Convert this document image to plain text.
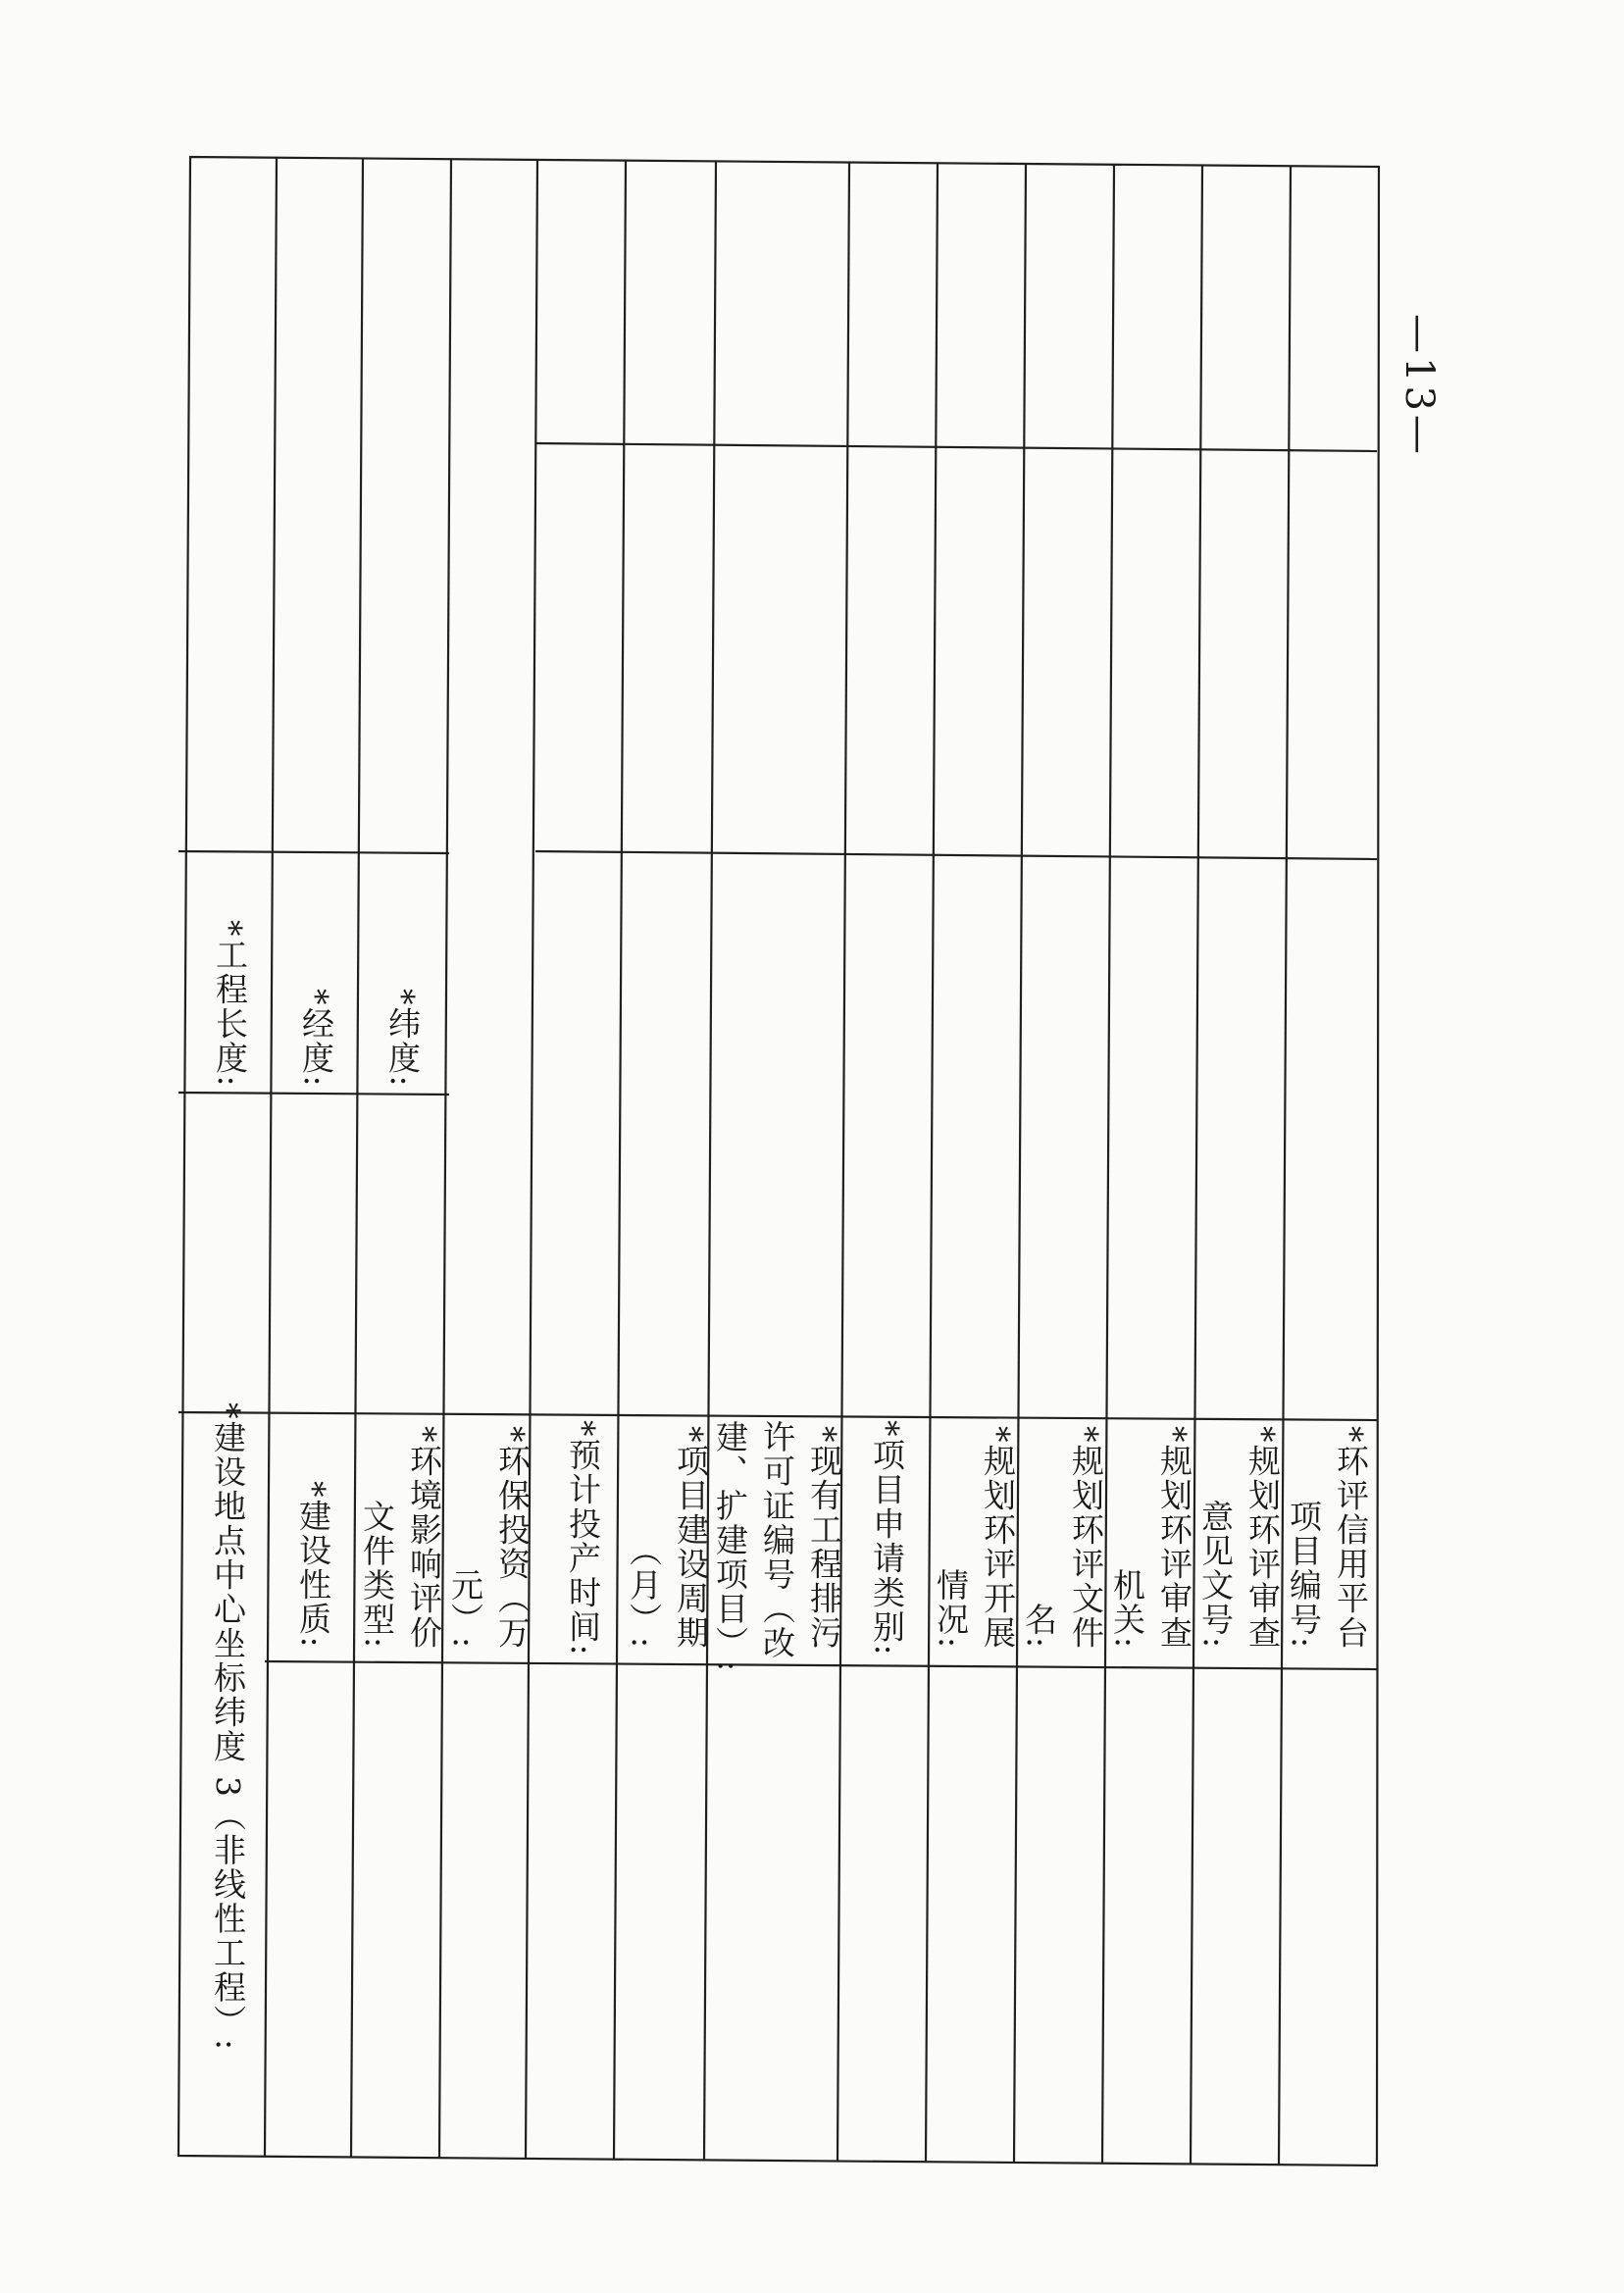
*建设地点中心坐标纬度 3（非线性工程）: *建设性质:	*环境影响评价
文件类型:	*环保投资（万
元）:	*预计投产时间:	*项目建设周期
（月）:	*现有工程排污
许可证编号（改
建、扩建项目）:	*项目申请类别:	*规划环评开展
情况:	*规划环评文件
名:	*规划环评审查
机关:	*规划环评审查
意见文号:	*环评信用平台
项目编号:
*工程长度: *经度: *纬度:
—13—
